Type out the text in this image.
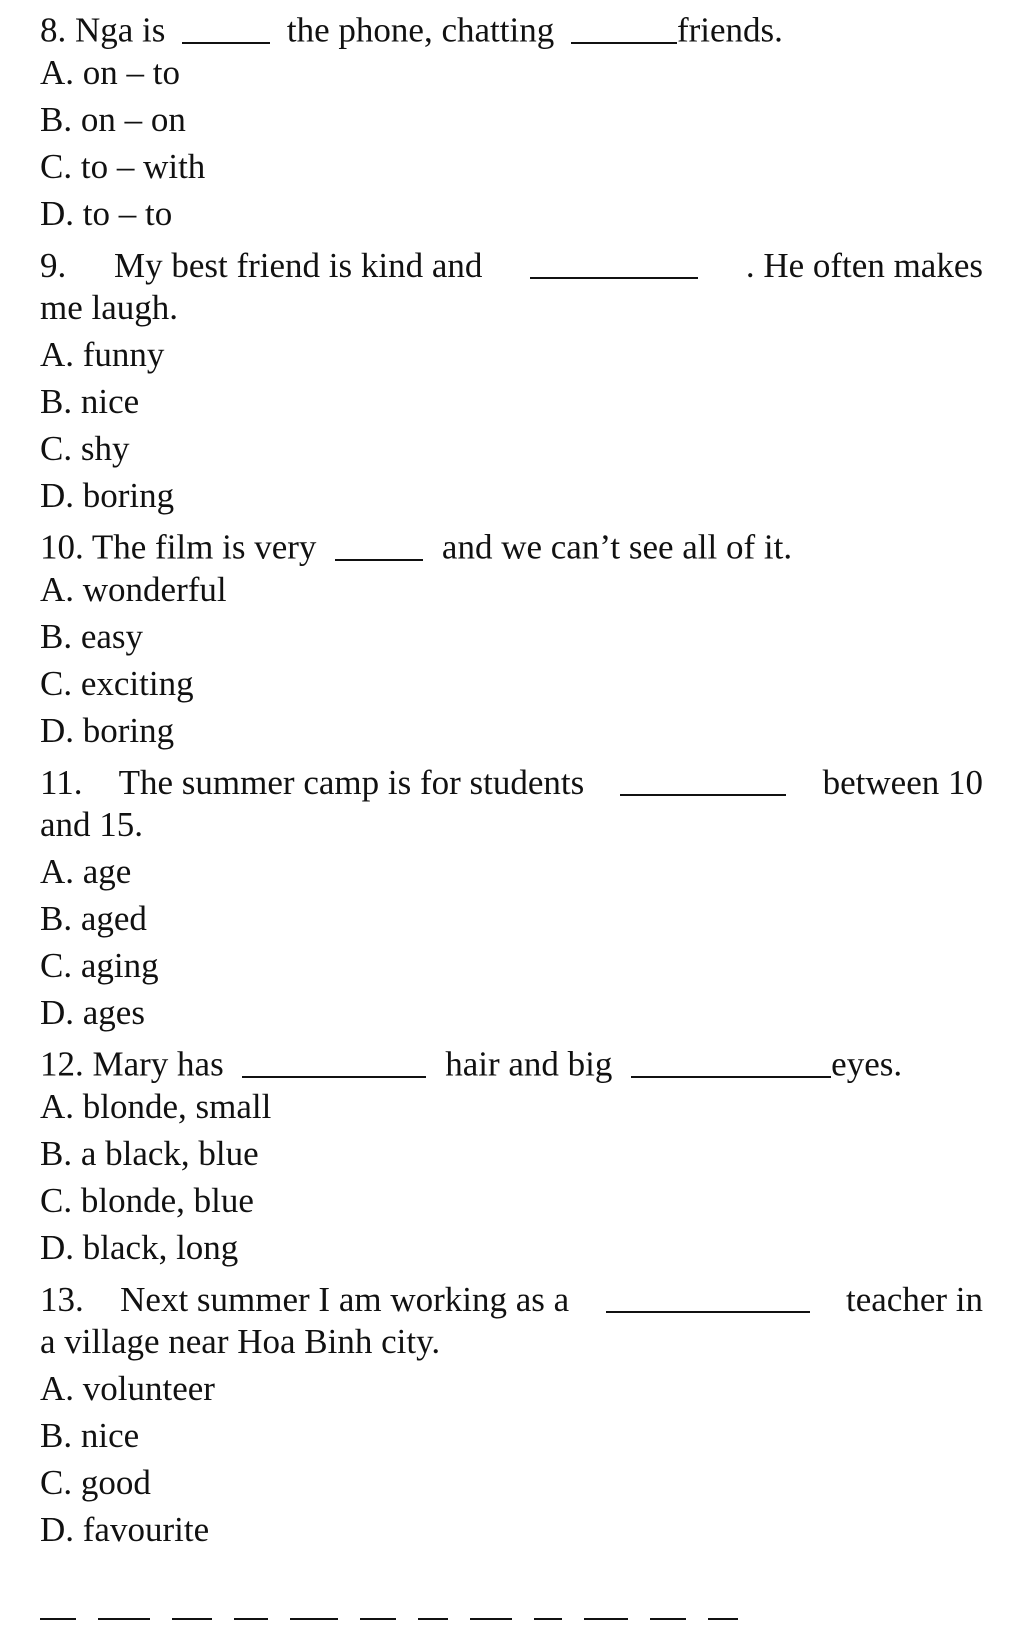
8. Nga is	the phone, chatting	friends.
A. on – to
B. on – on
C. to – with
D. to – to
9. My best friend is kind and	. He often makes
me laugh.
A. funny
B. nice
C. shy
D. boring
10. The film is very	and we can’t see all of it.
A. wonderful
B. easy
C. exciting
D. boring
11. The summer camp is for students	between 10
and 15.
A. age
B. aged
C. aging
D. ages
12. Mary has	hair and big	eyes.
A. blonde, small
B. a black, blue
C. blonde, blue
D. black, long
13. Next summer I am working as a	teacher in
a village near Hoa Binh city.
A. volunteer
B. nice
C. good
D. favourite
